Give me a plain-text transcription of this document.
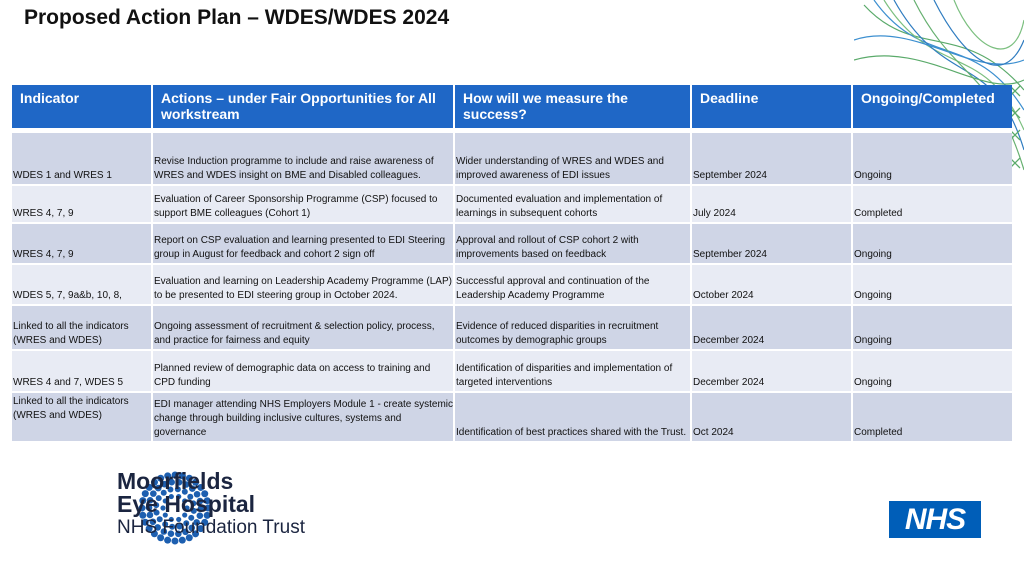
Proposed Action Plan – WDES/WDES 2024
Indicator	Actions – under Fair Opportunities for All workstream	How will we measure the success?	Deadline	Ongoing/Completed
WDES 1 and WRES 1	Revise Induction programme to include and raise awareness of WRES and WDES insight on BME and Disabled colleagues.	Wider understanding of WRES and WDES and improved awareness of EDI issues	September 2024	Ongoing
WRES 4, 7, 9	Evaluation of Career Sponsorship Programme (CSP) focused to support BME colleagues (Cohort 1)	Documented evaluation and implementation of learnings in subsequent cohorts	July 2024	Completed
WRES 4, 7, 9	Report on CSP evaluation and learning presented to EDI Steering group in August for feedback and cohort 2 sign off	Approval and rollout of CSP cohort 2 with improvements based on feedback	September 2024	Ongoing
WDES 5, 7, 9a&b, 10, 8,	Evaluation and learning on Leadership Academy Programme (LAP) to be presented to EDI steering group in October 2024.	Successful approval and continuation of the Leadership Academy Programme	October 2024	Ongoing
Linked to all the indicators (WRES and WDES)	Ongoing assessment of recruitment & selection policy, process, and practice for fairness and equity	Evidence of reduced disparities in recruitment outcomes by demographic groups	December 2024	Ongoing
WRES 4 and 7, WDES 5	Planned review of demographic data on access to training and CPD funding	Identification of disparities and implementation of targeted interventions	December 2024	Ongoing
Linked to all the indicators (WRES and WDES)	EDI manager attending NHS Employers Module 1 - create systemic change through building inclusive cultures, systems and governance	Identification of best practices shared with the Trust.	Oct 2024	Completed
Moorfields
Eye Hospital
NHS Foundation Trust	NHS
